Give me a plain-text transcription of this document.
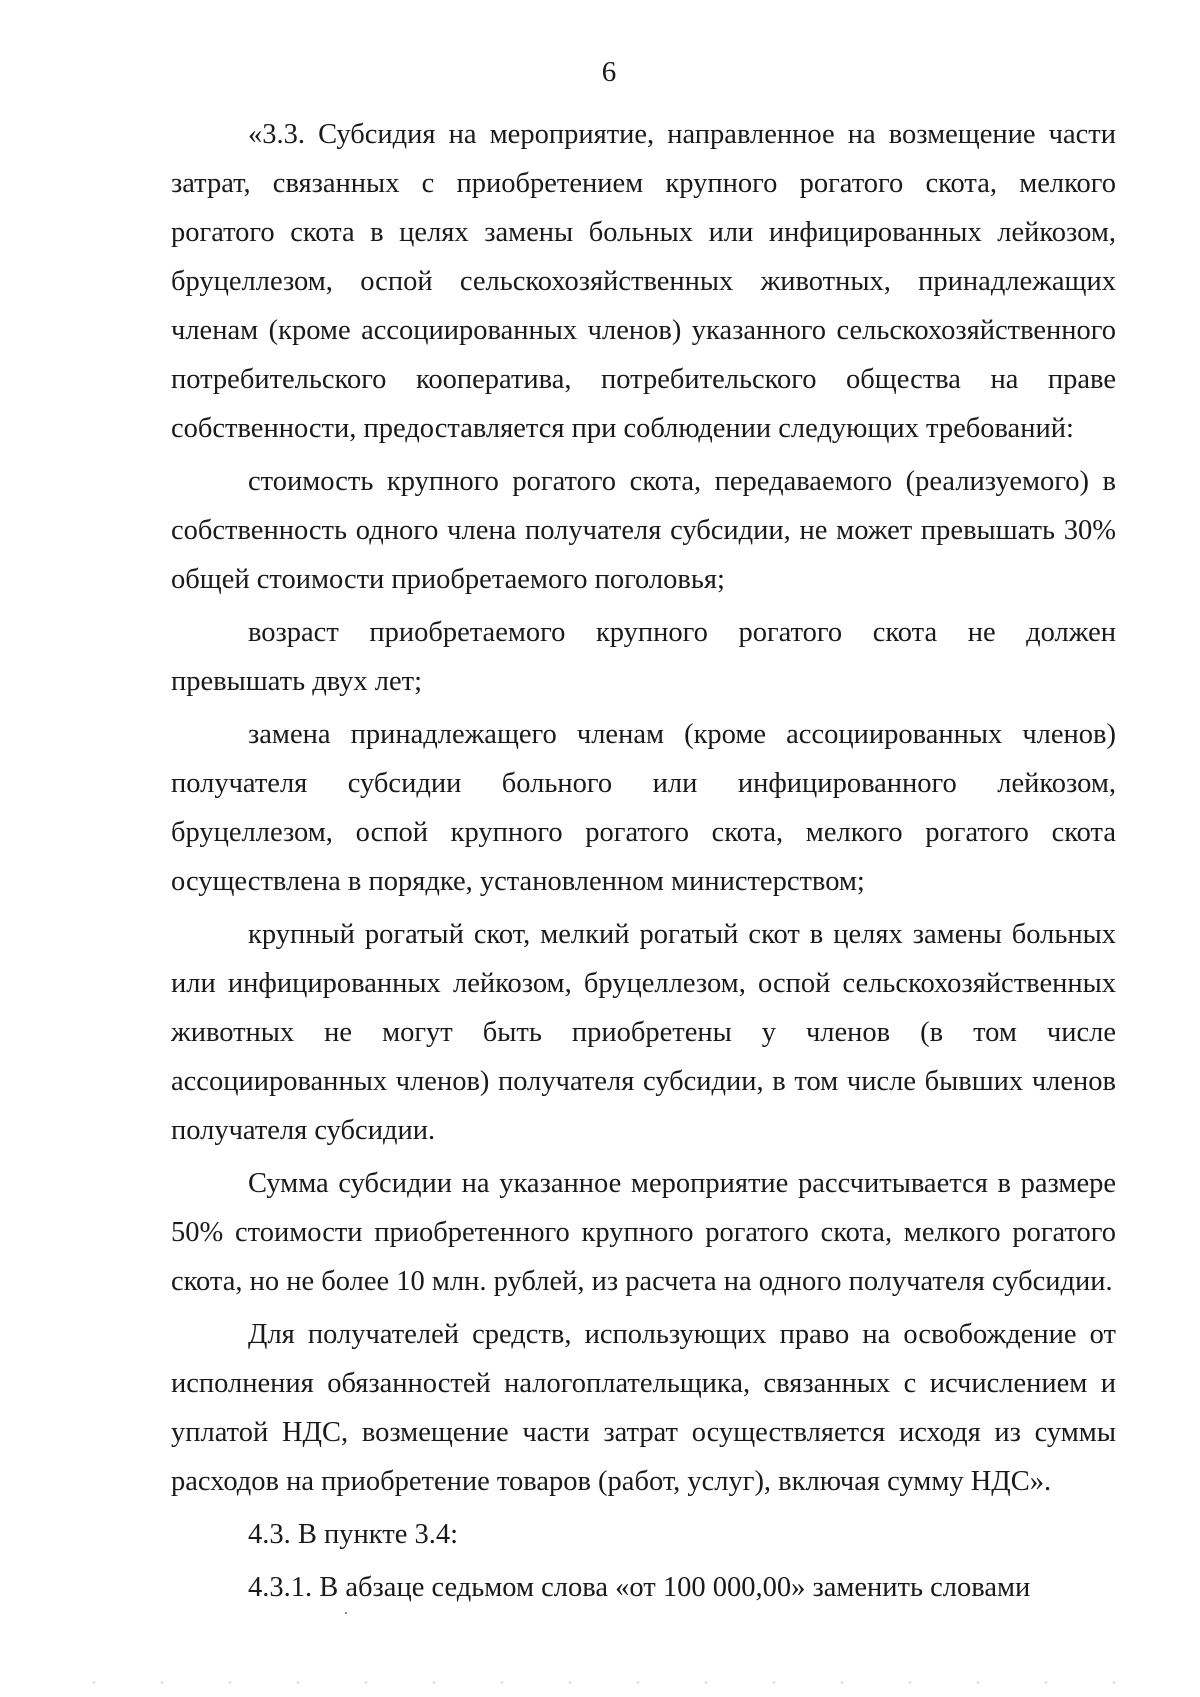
6

«3.3. Субсидия на мероприятие, направленное на возмещение части затрат, связанных с приобретением крупного рогатого скота, мелкого рогатого скота в целях замены больных или инфицированных лейкозом, бруцеллезом, оспой сельскохозяйственных животных, принадлежащих членам (кроме ассоциированных членов) указанного сельскохозяйственного потребительского кооператива, потребительского общества на праве собственности, предоставляется при соблюдении следующих требований:

стоимость крупного рогатого скота, передаваемого (реализуемого) в собственность одного члена получателя субсидии, не может превышать 30% общей стоимости приобретаемого поголовья;

возраст приобретаемого крупного рогатого скота не должен превышать двух лет;

замена принадлежащего членам (кроме ассоциированных членов) получателя субсидии больного или инфицированного лейкозом, бруцеллезом, оспой крупного рогатого скота, мелкого рогатого скота осуществлена в порядке, установленном министерством;

крупный рогатый скот, мелкий рогатый скот в целях замены больных или инфицированных лейкозом, бруцеллезом, оспой сельскохозяйственных животных не могут быть приобретены у членов (в том числе ассоциированных членов) получателя субсидии, в том числе бывших членов получателя субсидии.

Сумма субсидии на указанное мероприятие рассчитывается в размере 50% стоимости приобретенного крупного рогатого скота, мелкого рогатого скота, но не более 10 млн. рублей, из расчета на одного получателя субсидии.

Для получателей средств, использующих право на освобождение от исполнения обязанностей налогоплательщика, связанных с исчислением и уплатой НДС, возмещение части затрат осуществляется исходя из суммы расходов на приобретение товаров (работ, услуг), включая сумму НДС».

4.3. В пункте 3.4:

4.3.1. В абзаце седьмом слова «от 100 000,00» заменить словами
